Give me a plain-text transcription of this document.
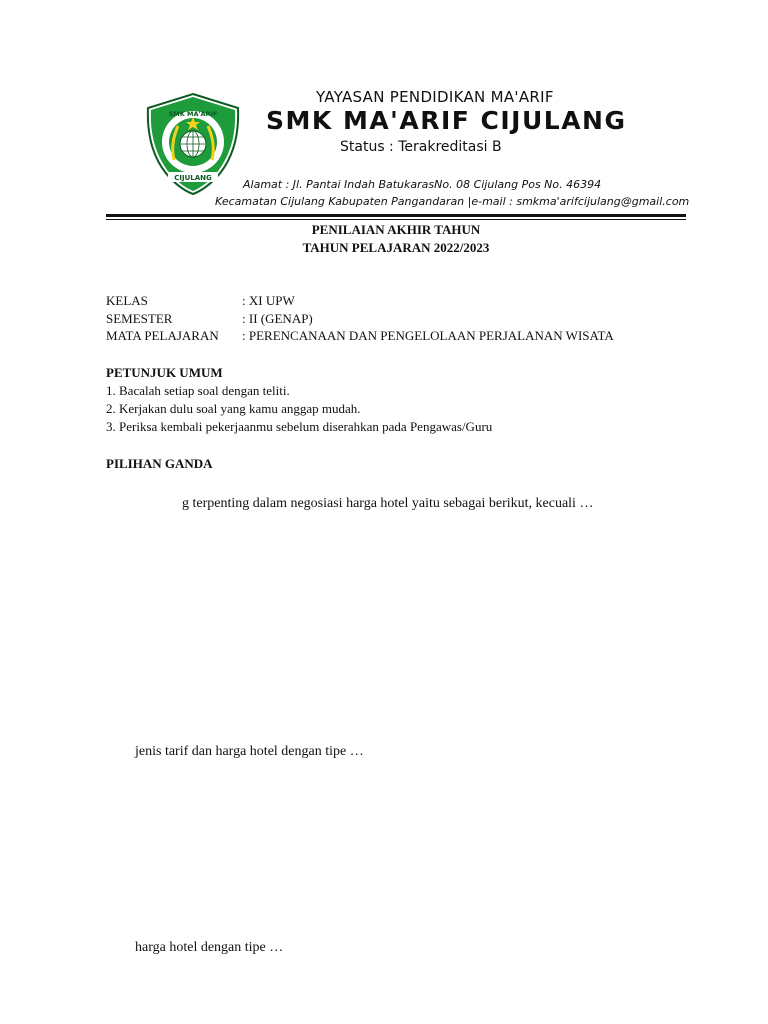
SMK MA'ARIF
CIJULANG
YAYASAN PENDIDIKAN MA'ARIF
SMK MA'ARIF CIJULANG
Status : Terakreditasi B
Alamat : Jl. Pantai Indah BatukarasNo. 08 Cijulang Pos No. 46394
Kecamatan Cijulang Kabupaten Pangandaran |e-mail : smkma'arifcijulang@gmail.com
PENILAIAN AKHIR TAHUN
TAHUN PELAJARAN 2022/2023
KELAS	: XI UPW
SEMESTER	: II (GENAP)
MATA PELAJARAN : PERENCANAAN DAN PENGELOLAAN PERJALANAN WISATA
PETUNJUK UMUM
1. Bacalah setiap soal dengan teliti.
2. Kerjakan dulu soal yang kamu anggap mudah.
3. Periksa kembali pekerjaanmu sebelum diserahkan pada Pengawas/Guru
PILIHAN GANDA
g terpenting dalam negosiasi harga hotel yaitu sebagai berikut, kecuali …
jenis tarif dan harga hotel dengan tipe …
harga hotel dengan tipe …
